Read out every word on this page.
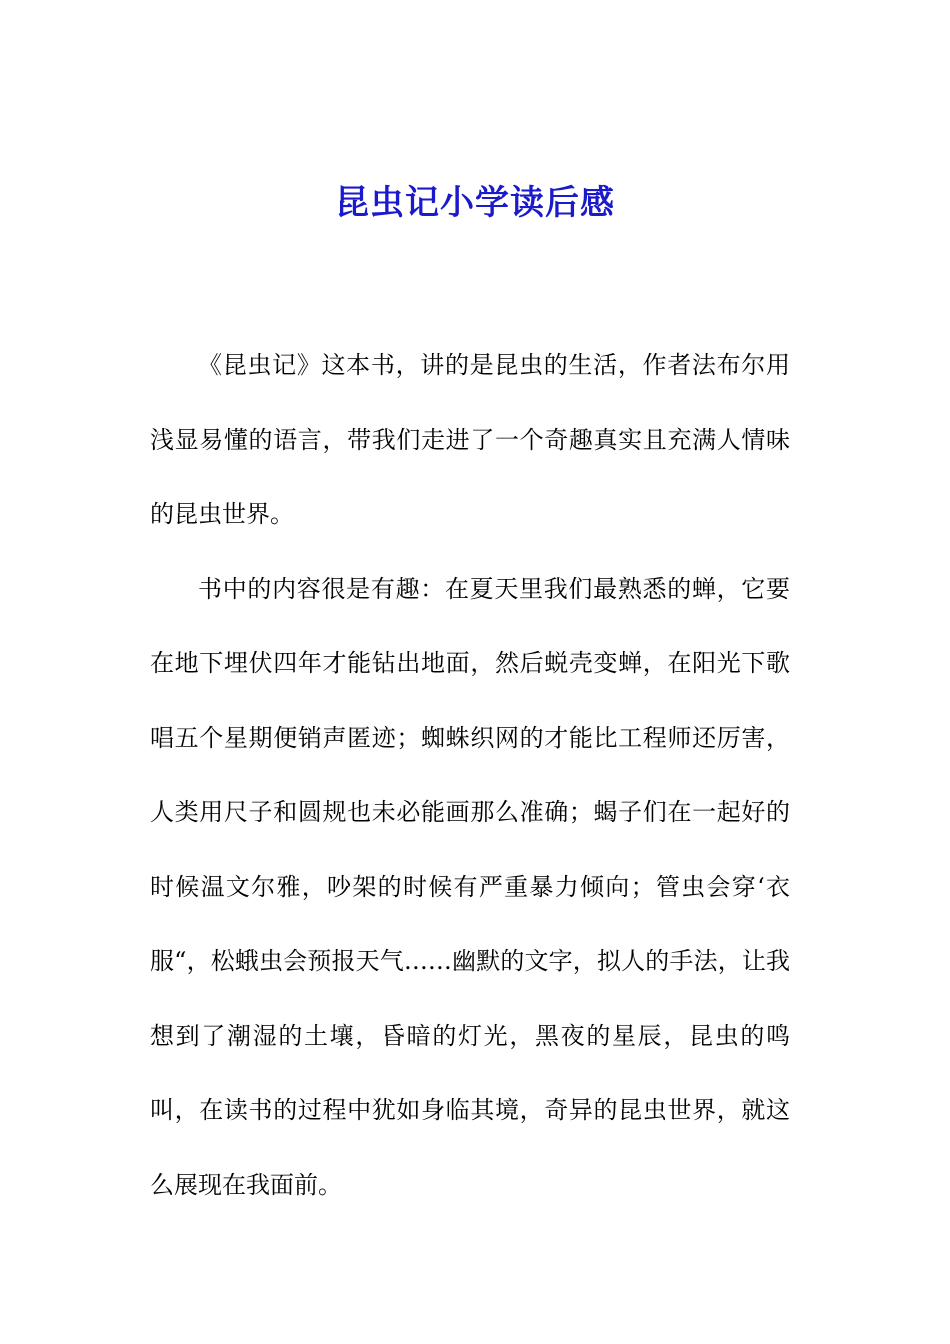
昆虫记小学读后感

《昆虫记》这本书，讲的是昆虫的生活，作者法布尔用浅显易懂的语言，带我们走进了一个奇趣真实且充满人情味的昆虫世界。

书中的内容很是有趣：在夏天里我们最熟悉的蝉，它要在地下埋伏四年才能钻出地面，然后蜕壳变蝉，在阳光下歌唱五个星期便销声匿迹；蜘蛛织网的才能比工程师还厉害，人类用尺子和圆规也未必能画那么准确；蝎子们在一起好的时候温文尔雅，吵架的时候有严重暴力倾向；管虫会穿‘衣服“，松蛾虫会预报天气……幽默的文字，拟人的手法，让我想到了潮湿的土壤，昏暗的灯光，黑夜的星辰，昆虫的鸣叫，在读书的过程中犹如身临其境，奇异的昆虫世界，就这么展现在我面前。
